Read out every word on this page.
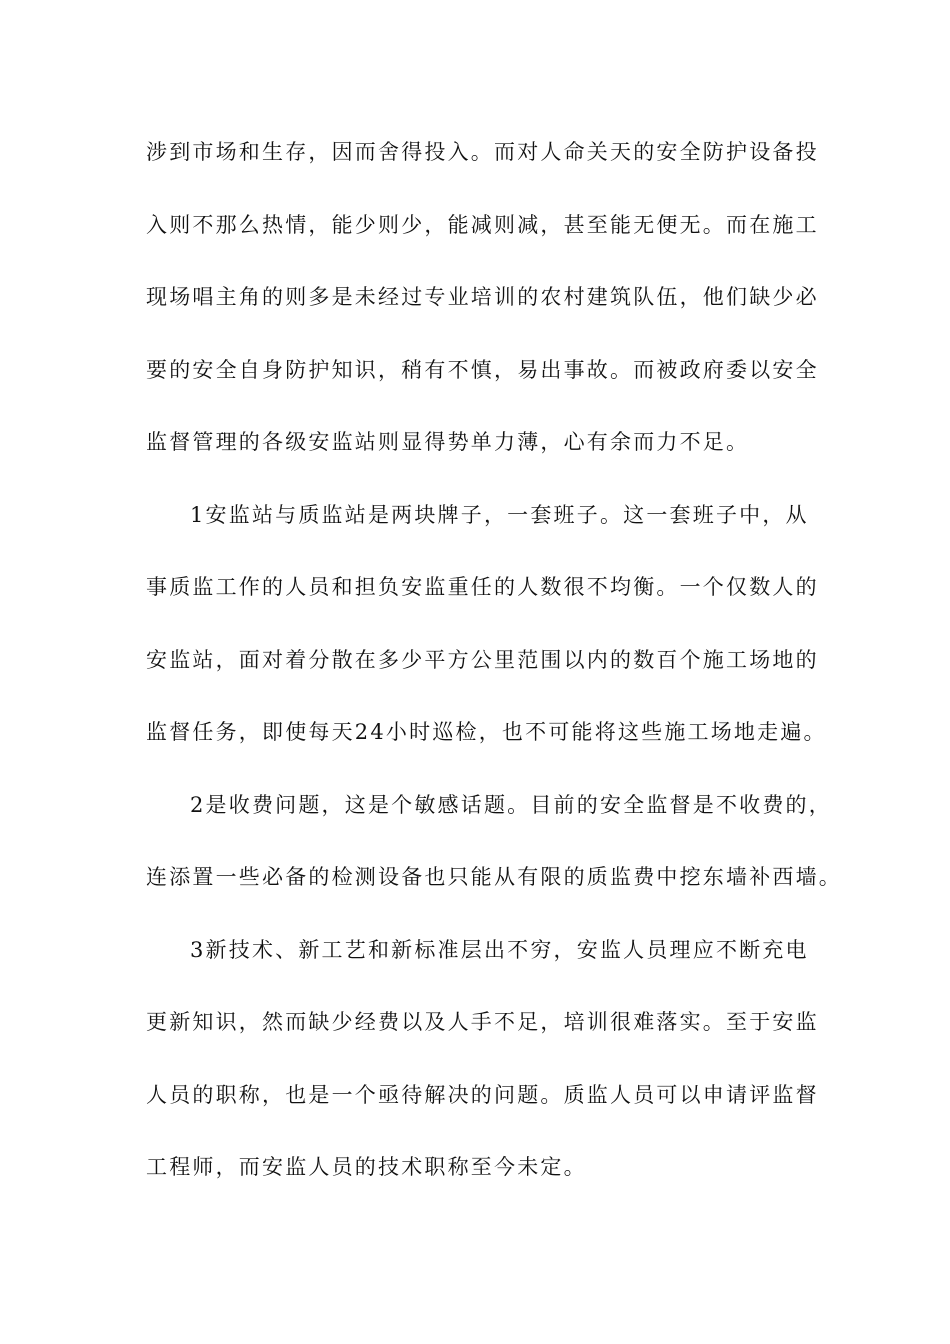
涉到市场和生存，因而舍得投入。而对人命关天的安全防护设备投
入则不那么热情，能少则少，能减则减，甚至能无便无。而在施工
现场唱主角的则多是未经过专业培训的农村建筑队伍，他们缺少必
要的安全自身防护知识，稍有不慎，易出事故。而被政府委以安全
监督管理的各级安监站则显得势单力薄，心有余而力不足。
1安监站与质监站是两块牌子，一套班子。这一套班子中，从
事质监工作的人员和担负安监重任的人数很不均衡。一个仅数人的
安监站，面对着分散在多少平方公里范围以内的数百个施工场地的
监督任务，即使每天24小时巡检，也不可能将这些施工场地走遍。
2是收费问题，这是个敏感话题。目前的安全监督是不收费的，
连添置一些必备的检测设备也只能从有限的质监费中挖东墙补西墙。
3新技术、新工艺和新标准层出不穷，安监人员理应不断充电
更新知识，然而缺少经费以及人手不足，培训很难落实。至于安监
人员的职称，也是一个亟待解决的问题。质监人员可以申请评监督
工程师，而安监人员的技术职称至今未定。
